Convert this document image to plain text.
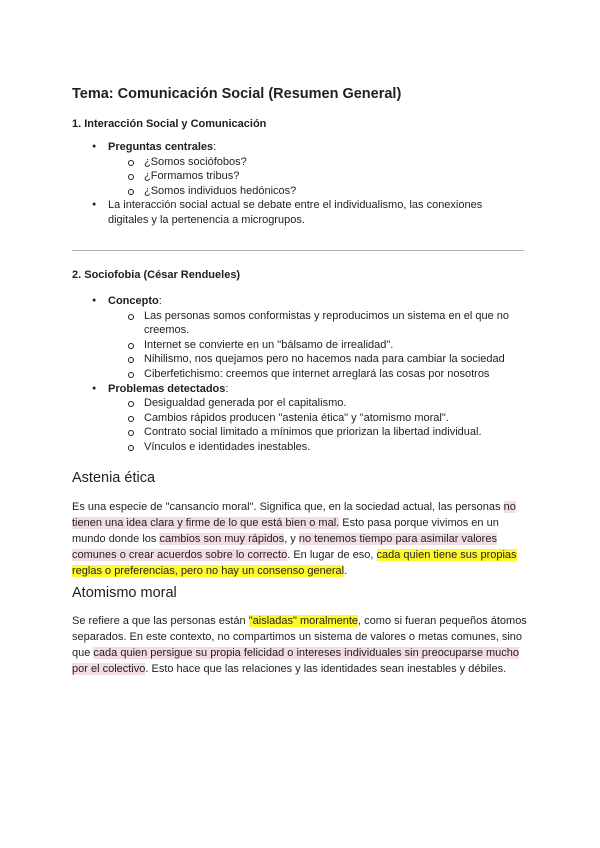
Tema: Comunicación Social (Resumen General)
1. Interacción Social y Comunicación
● Preguntas centrales:
¿Somos sociófobos?
¿Formamos tribus?
¿Somos individuos hedónicos?
● La interacción social actual se debate entre el individualismo, las conexiones digitales y la pertenencia a microgrupos.
2. Sociofobia (César Rendueles)
● Concepto:
Las personas somos conformistas y reproducimos un sistema en el que no creemos.
Internet se convierte en un "bálsamo de irrealidad".
Nihilismo, nos quejamos pero no hacemos nada para cambiar la sociedad
Ciberfetichismo: creemos que internet arreglará las cosas por nosotros
● Problemas detectados:
Desigualdad generada por el capitalismo.
Cambios rápidos producen "astenia ética" y "atomismo moral".
Contrato social limitado a mínimos que priorizan la libertad individual.
Vínculos e identidades inestables.
Astenia ética
Es una especie de "cansancio moral". Significa que, en la sociedad actual, las personas no tienen una idea clara y firme de lo que está bien o mal. Esto pasa porque vivimos en un mundo donde los cambios son muy rápidos, y no tenemos tiempo para asimilar valores comunes o crear acuerdos sobre lo correcto. En lugar de eso, cada quien tiene sus propias reglas o preferencias, pero no hay un consenso general.
Atomismo moral
Se refiere a que las personas están "aisladas" moralmente, como si fueran pequeños átomos separados. En este contexto, no compartimos un sistema de valores o metas comunes, sino que cada quien persigue su propia felicidad o intereses individuales sin preocuparse mucho por el colectivo. Esto hace que las relaciones y las identidades sean inestables y débiles.
